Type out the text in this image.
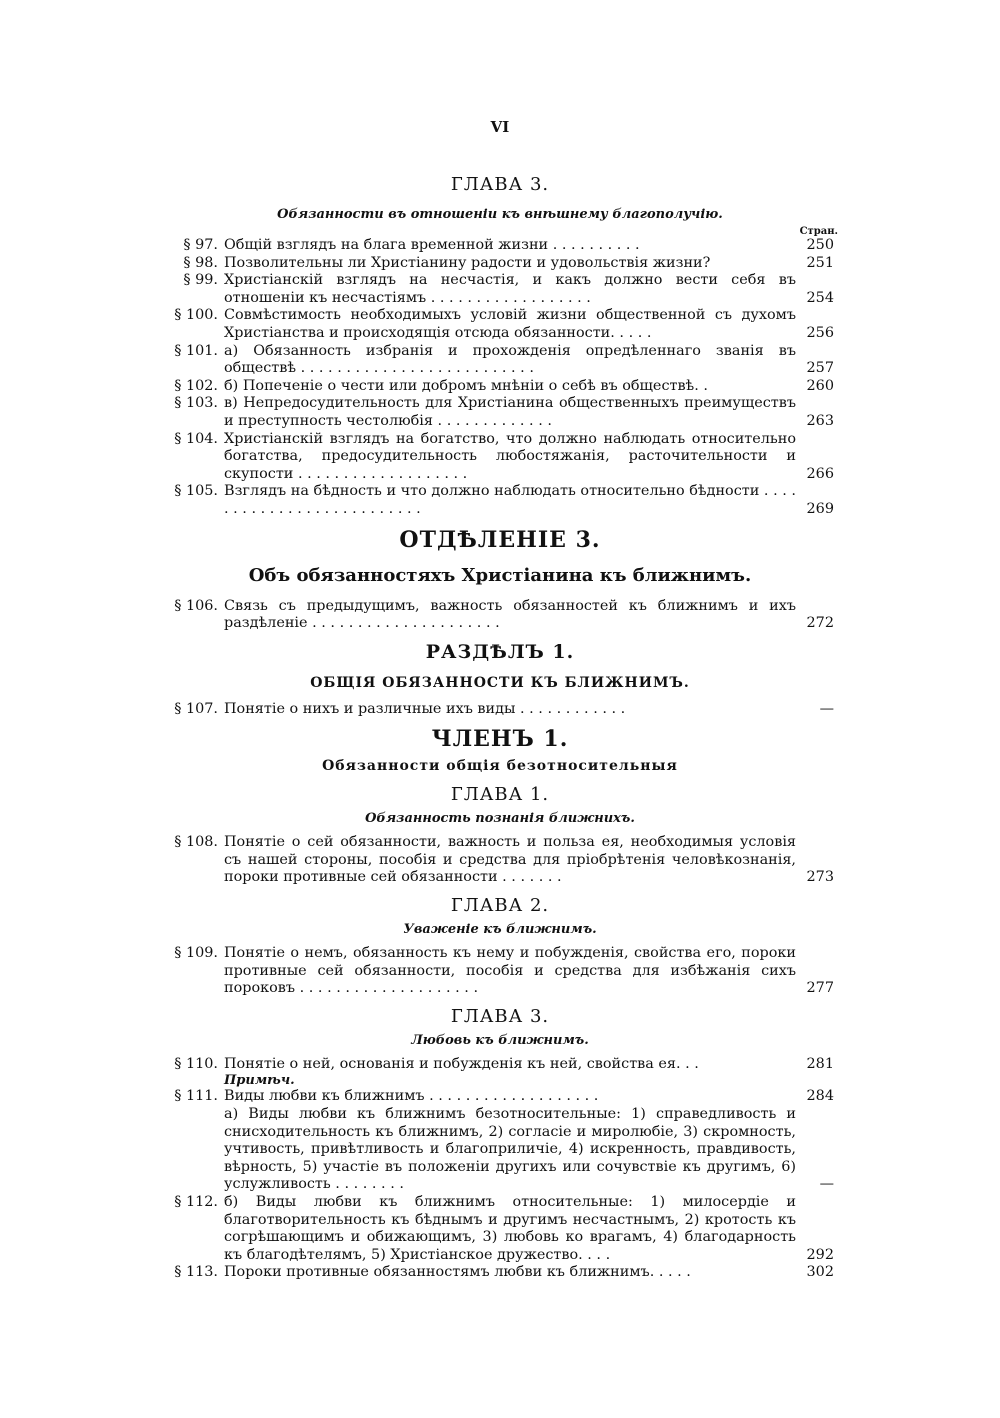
VI
ГЛАВА 3.
Обязанности въ отношеніи къ внѣшнему благополучію.
Стран.
§ 97. Общій взглядъ на блага временной жизни . . . . . . . . . .	250
§ 98. Позволительны ли Христіанину радости и удовольствія жизни?	251
§ 99. Христіанскій взглядъ на несчастія, и какъ должно вести себя въ отношеніи къ несчастіямъ . . . . . . . . . . . . . . . . . .	254
§ 100. Совмѣстимость необходимыхъ условій жизни общественной съ духомъ Христіанства и происходящія отсюда обязанности. . . . .	256
§ 101. а) Обязанность избранія и прохожденія опредѣленнаго званія въ обществѣ . . . . . . . . . . . . . . . . . . . . . . . . . .	257
§ 102. б) Попеченіе о чести или добромъ мнѣніи о себѣ въ обществѣ. .	260
§ 103. в) Непредосудительность для Христіанина общественныхъ преимуществъ и преступность честолюбія . . . . . . . . . . . . .	263
§ 104. Христіанскій взглядъ на богатство, что должно наблюдать относительно богатства, предосудительность любостяжанія, расточительности и скупости . . . . . . . . . . . . . . . . . . .	266
§ 105. Взглядъ на бѣдность и что должно наблюдать относительно бѣдности . . . . . . . . . . . . . . . . . . . . . . . . . .	269
ОТДѢЛЕНІЕ 3.
Объ обязанностяхъ Христіанина къ ближнимъ.
§ 106. Связь съ предыдущимъ, важность обязанностей къ ближнимъ и ихъ раздѣленіе . . . . . . . . . . . . . . . . . . . . .	272
РАЗДѢЛЪ 1.
ОБЩІЯ ОБЯЗАННОСТИ КЪ БЛИЖНИМЪ.
§ 107. Понятіе о нихъ и различные ихъ виды . . . . . . . . . . . .	—
ЧЛЕНЪ 1.
Обязанности общія безотносительныя
ГЛАВА 1.
Обязанность познанія ближнихъ.
§ 108. Понятіе о сей обязанности, важность и польза ея, необходимыя условія съ нашей стороны, пособія и средства для пріобрѣтенія человѣкознанія, пороки противные сей обязанности . . . . . . .	273
ГЛАВА 2.
Уваженіе къ ближнимъ.
§ 109. Понятіе о немъ, обязанность къ нему и побужденія, свойства его, пороки противные сей обязанности, пособія и средства для избѣжанія сихъ пороковъ . . . . . . . . . . . . . . . . . . . .	277
ГЛАВА 3.
Любовь къ ближнимъ.
§ 110. Понятіе о ней, основанія и побужденія къ ней, свойства ея. . .	281
Примѣч.
§ 111. Виды любви къ ближнимъ . . . . . . . . . . . . . . . . . . .	284
а) Виды любви къ ближнимъ безотносительные: 1) справедливость и снисходительность къ ближнимъ, 2) согласіе и миролюбіе, 3) скромность, учтивость, привѣтливость и благоприличіе, 4) искренность, правдивость, вѣрность, 5) участіе въ положеніи другихъ или сочувствіе къ другимъ, 6) услужливость . . . . . . . .	—
§ 112. б) Виды любви къ ближнимъ относительные: 1) милосердіе и благотворительность къ бѣднымъ и другимъ несчастнымъ, 2) кротость къ согрѣшающимъ и обижающимъ, 3) любовь ко врагамъ, 4) благодарность къ благодѣтелямъ, 5) Христіанское дружество. . . .	292
§ 113. Пороки противные обязанностямъ любви къ ближнимъ. . . . .	302
